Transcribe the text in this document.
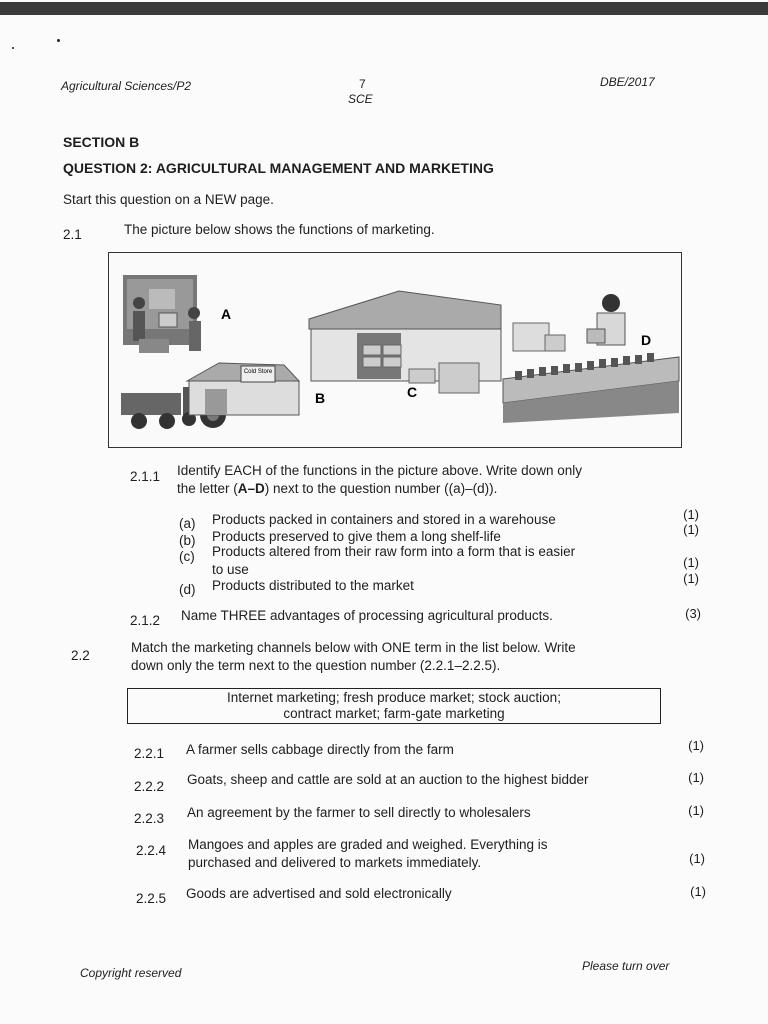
Agricultural Sciences/P2	7
SCE
DBE/2017
SECTION B
QUESTION 2: AGRICULTURAL MANAGEMENT AND MARKETING
Start this question on a NEW page.
2.1	The picture below shows the functions of marketing.
Cold Store
A
B	C
D
2.1.1 Identify EACH of the functions in the picture above. Write down only
the letter (A–D) next to the question number ((a)–(d)).
(a) Products packed in containers and stored in a warehouse	(1)
(b) Products preserved to give them a long shelf-life	(1)
(c) Products altered from their raw form into a form that is easier
to use	(1)
(d) Products distributed to the market	(1)
2.1.2 Name THREE advantages of processing agricultural products.	(3)
2.2
Match the marketing channels below with ONE term in the list below. Write
down only the term next to the question number (2.2.1–2.2.5).
Internet marketing; fresh produce market; stock auction;
contract market; farm-gate marketing
2.2.1 A farmer sells cabbage directly from the farm	(1)
2.2.2 Goats, sheep and cattle are sold at an auction to the highest bidder	(1)
2.2.3 An agreement by the farmer to sell directly to wholesalers	(1)
2.2.4 Mangoes and apples are graded and weighed. Everything is
purchased and delivered to markets immediately.	(1)
2.2.5 Goods are advertised and sold electronically	(1)
Copyright reserved	Please turn over
